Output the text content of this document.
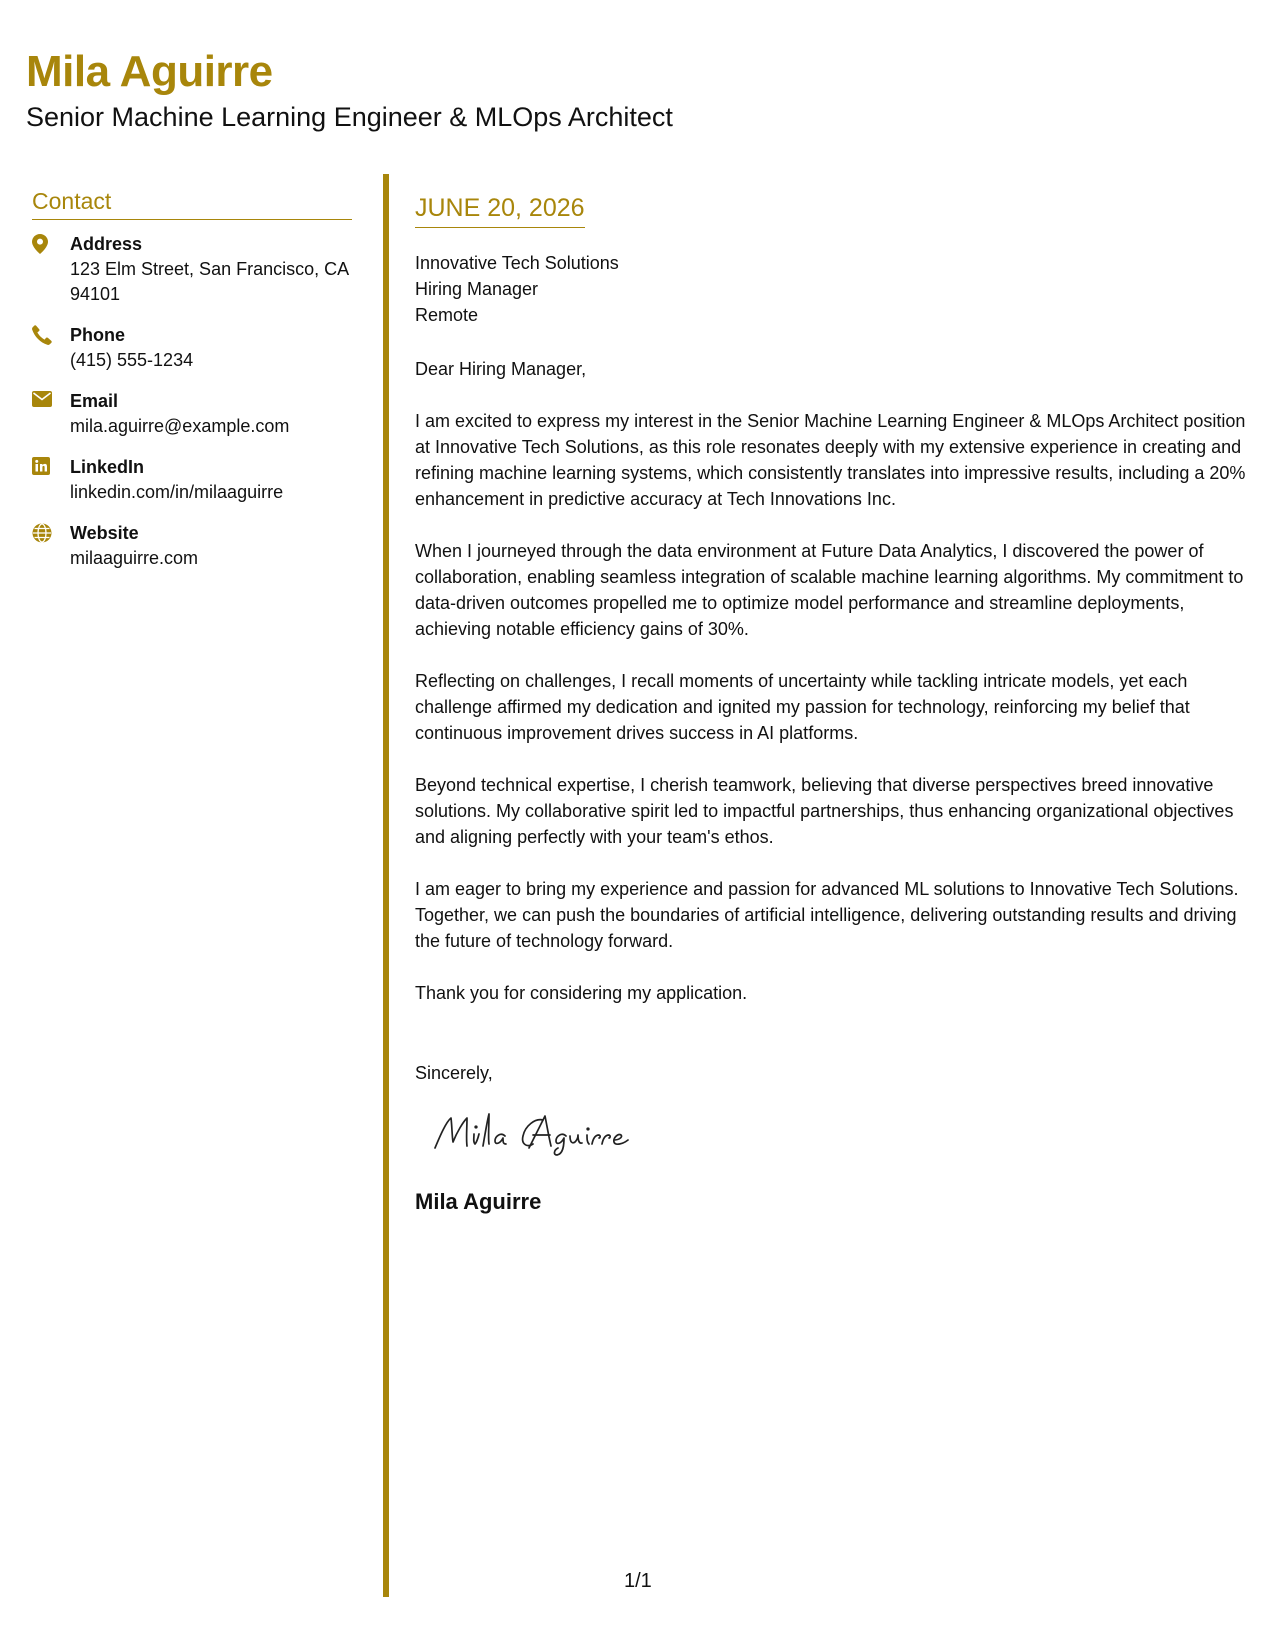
Mila Aguirre
Senior Machine Learning Engineer & MLOps Architect
Contact
Address
123 Elm Street, San Francisco, CA 94101
Phone
(415) 555-1234
Email
mila.aguirre@example.com
LinkedIn
linkedin.com/in/milaaguirre
Website
milaaguirre.com
JUNE 20, 2026
Innovative Tech Solutions
Hiring Manager
Remote
Dear Hiring Manager,

I am excited to express my interest in the Senior Machine Learning Engineer & MLOps Architect position at Innovative Tech Solutions, as this role resonates deeply with my extensive experience in creating and refining machine learning systems, which consistently translates into impressive results, including a 20% enhancement in predictive accuracy at Tech Innovations Inc.

When I journeyed through the data environment at Future Data Analytics, I discovered the power of collaboration, enabling seamless integration of scalable machine learning algorithms. My commitment to data-driven outcomes propelled me to optimize model performance and streamline deployments, achieving notable efficiency gains of 30%.

Reflecting on challenges, I recall moments of uncertainty while tackling intricate models, yet each challenge affirmed my dedication and ignited my passion for technology, reinforcing my belief that continuous improvement drives success in AI platforms.

Beyond technical expertise, I cherish teamwork, believing that diverse perspectives breed innovative solutions. My collaborative spirit led to impactful partnerships, thus enhancing organizational objectives and aligning perfectly with your team's ethos.

I am eager to bring my experience and passion for advanced ML solutions to Innovative Tech Solutions. Together, we can push the boundaries of artificial intelligence, delivering outstanding results and driving the future of technology forward.

Thank you for considering my application.

Sincerely,
Mila Aguirre
1/1
